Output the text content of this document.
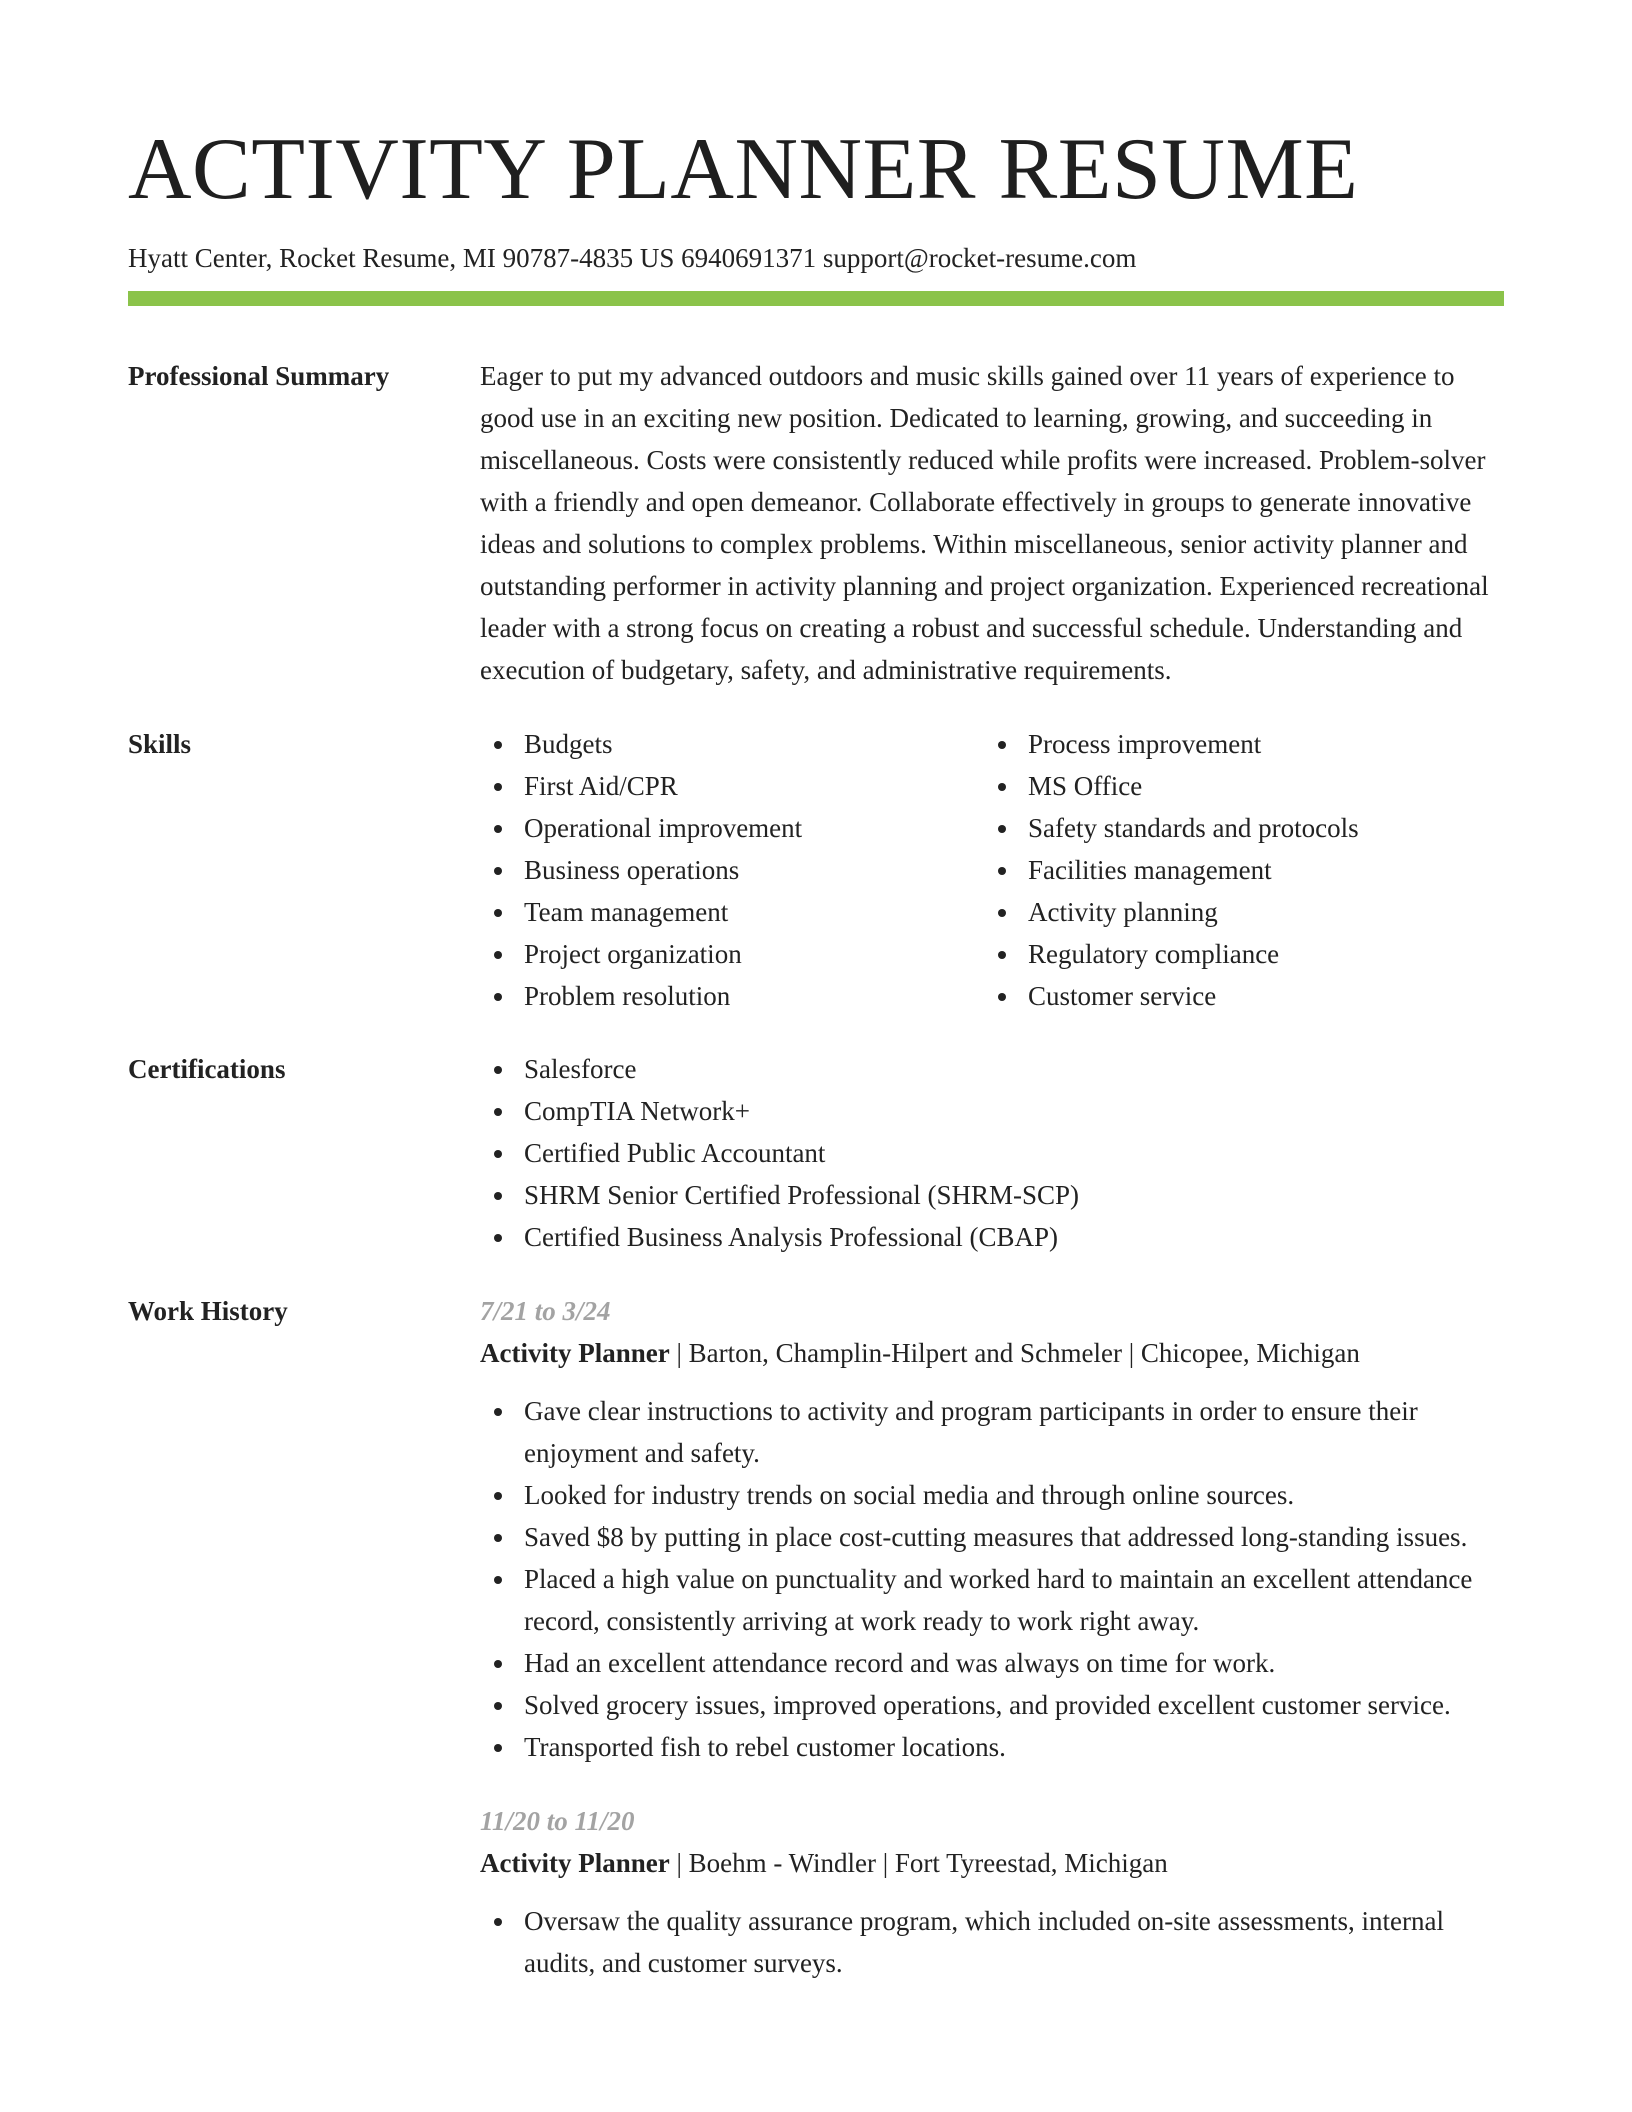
ACTIVITY PLANNER RESUME
Hyatt Center, Rocket Resume, MI 90787-4835 US 6940691371 support@rocket-resume.com
Professional Summary	Eager to put my advanced outdoors and music skills gained over 11 years of experience to good use in an exciting new position. Dedicated to learning, growing, and succeeding in miscellaneous. Costs were consistently reduced while profits were increased. Problem-solver with a friendly and open demeanor. Collaborate effectively in groups to generate innovative ideas and solutions to complex problems. Within miscellaneous, senior activity planner and outstanding performer in activity planning and project organization. Experienced recreational leader with a strong focus on creating a robust and successful schedule. Understanding and execution of budgetary, safety, and administrative requirements.
Skills	Budgets
First Aid/CPR
Operational improvement
Business operations
Team management
Project organization
Problem resolution
Process improvement
MS Office
Safety standards and protocols
Facilities management
Activity planning
Regulatory compliance
Customer service
Certifications	Salesforce
CompTIA Network+
Certified Public Accountant
SHRM Senior Certified Professional (SHRM-SCP)
Certified Business Analysis Professional (CBAP)
Work History	7/21 to 3/24
Activity Planner | Barton, Champlin-Hilpert and Schmeler | Chicopee, Michigan
Gave clear instructions to activity and program participants in order to ensure their enjoyment and safety.
Looked for industry trends on social media and through online sources.
Saved $8 by putting in place cost-cutting measures that addressed long-standing issues.
Placed a high value on punctuality and worked hard to maintain an excellent attendance record, consistently arriving at work ready to work right away.
Had an excellent attendance record and was always on time for work.
Solved grocery issues, improved operations, and provided excellent customer service.
Transported fish to rebel customer locations.
11/20 to 11/20
Activity Planner | Boehm - Windler | Fort Tyreestad, Michigan
Oversaw the quality assurance program, which included on-site assessments, internal audits, and customer surveys.
